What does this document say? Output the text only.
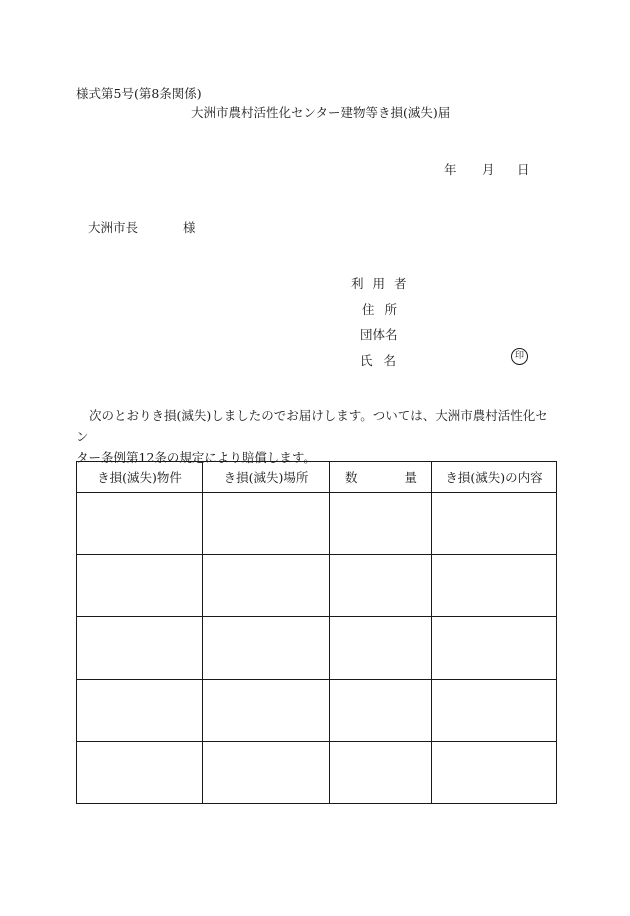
様式第5号(第8条関係)
大洲市農村活性化センター建物等き損(滅失)届
年 月 日
大洲市長	様
利用者
住所
団体名
氏名	印
次のとおりき損(滅失)しましたのでお届けします。ついては、大洲市農村活性化セン
ター条例第12条の規定により賠償します。
き損(滅失)物件	き損(滅失)場所	数 量	き損(滅失)の内容
